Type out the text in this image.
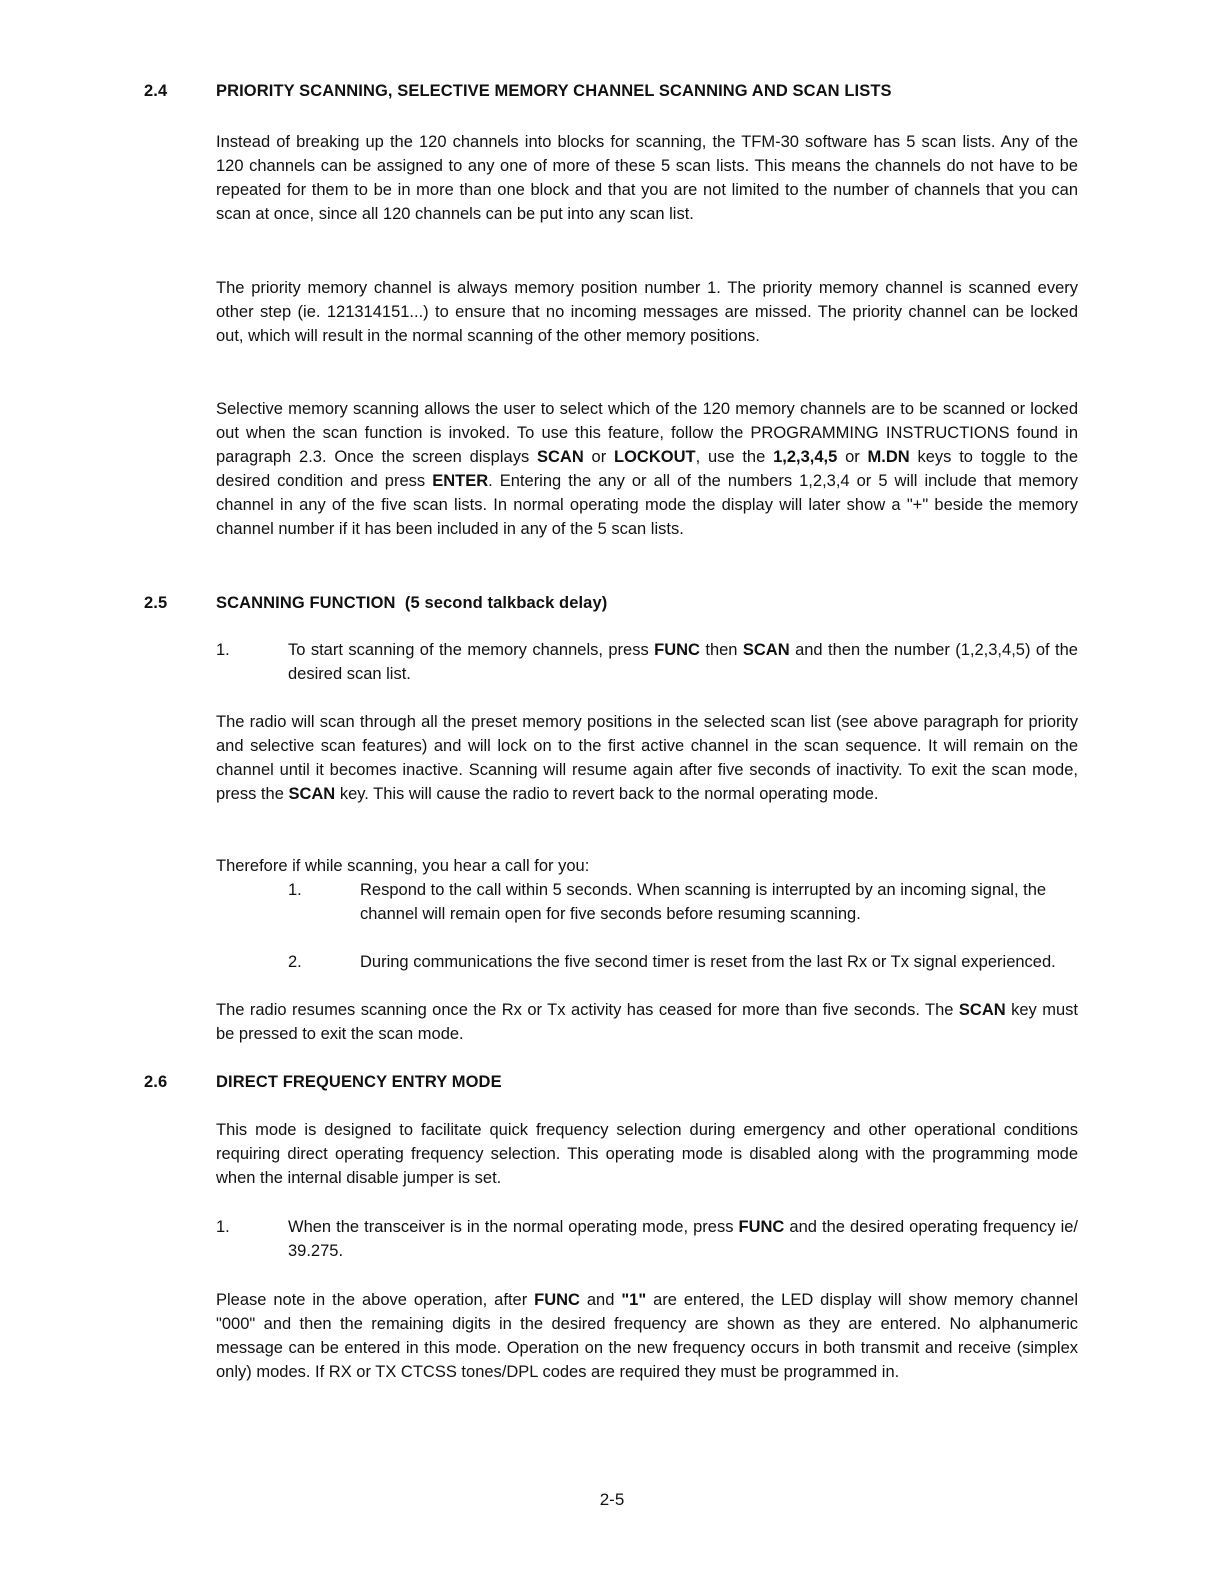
2.4	PRIORITY SCANNING, SELECTIVE MEMORY CHANNEL SCANNING AND SCAN LISTS
Instead of breaking up the 120 channels into blocks for scanning, the TFM-30 software has 5 scan lists. Any of the 120 channels can be assigned to any one of more of these 5 scan lists. This means the channels do not have to be repeated for them to be in more than one block and that you are not limited to the number of channels that you can scan at once, since all 120 channels can be put into any scan list.
The priority memory channel is always memory position number 1. The priority memory channel is scanned every other step (ie. 121314151...) to ensure that no incoming messages are missed. The priority channel can be locked out, which will result in the normal scanning of the other memory positions.
Selective memory scanning allows the user to select which of the 120 memory channels are to be scanned or locked out when the scan function is invoked. To use this feature, follow the PROGRAMMING INSTRUCTIONS found in paragraph 2.3. Once the screen displays SCAN or LOCKOUT, use the 1,2,3,4,5 or M.DN keys to toggle to the desired condition and press ENTER. Entering the any or all of the numbers 1,2,3,4 or 5 will include that memory channel in any of the five scan lists. In normal operating mode the display will later show a "+" beside the memory channel number if it has been included in any of the 5 scan lists.
2.5	SCANNING FUNCTION  (5 second talkback delay)
1.	To start scanning of the memory channels, press FUNC then SCAN and then the number (1,2,3,4,5) of the desired scan list.
The radio will scan through all the preset memory positions in the selected scan list (see above paragraph for priority and selective scan features) and will lock on to the first active channel in the scan sequence. It will remain on the channel until it becomes inactive. Scanning will resume again after five seconds of inactivity. To exit the scan mode, press the SCAN key. This will cause the radio to revert back to the normal operating mode.
Therefore if while scanning, you hear a call for you:
1.	Respond to the call within 5 seconds. When scanning is interrupted by an incoming signal, the channel will remain open for five seconds before resuming scanning.
2.	During communications the five second timer is reset from the last Rx or Tx signal experienced.
The radio resumes scanning once the Rx or Tx activity has ceased for more than five seconds. The SCAN key must be pressed to exit the scan mode.
2.6	DIRECT FREQUENCY ENTRY MODE
This mode is designed to facilitate quick frequency selection during emergency and other operational conditions requiring direct operating frequency selection. This operating mode is disabled along with the programming mode when the internal disable jumper is set.
1.	When the transceiver is in the normal operating mode, press FUNC and the desired operating frequency ie/ 39.275.
Please note in the above operation, after FUNC and "1" are entered, the LED display will show memory channel "000" and then the remaining digits in the desired frequency are shown as they are entered. No alphanumeric message can be entered in this mode. Operation on the new frequency occurs in both transmit and receive (simplex only) modes. If RX or TX CTCSS tones/DPL codes are required they must be programmed in.
2-5
